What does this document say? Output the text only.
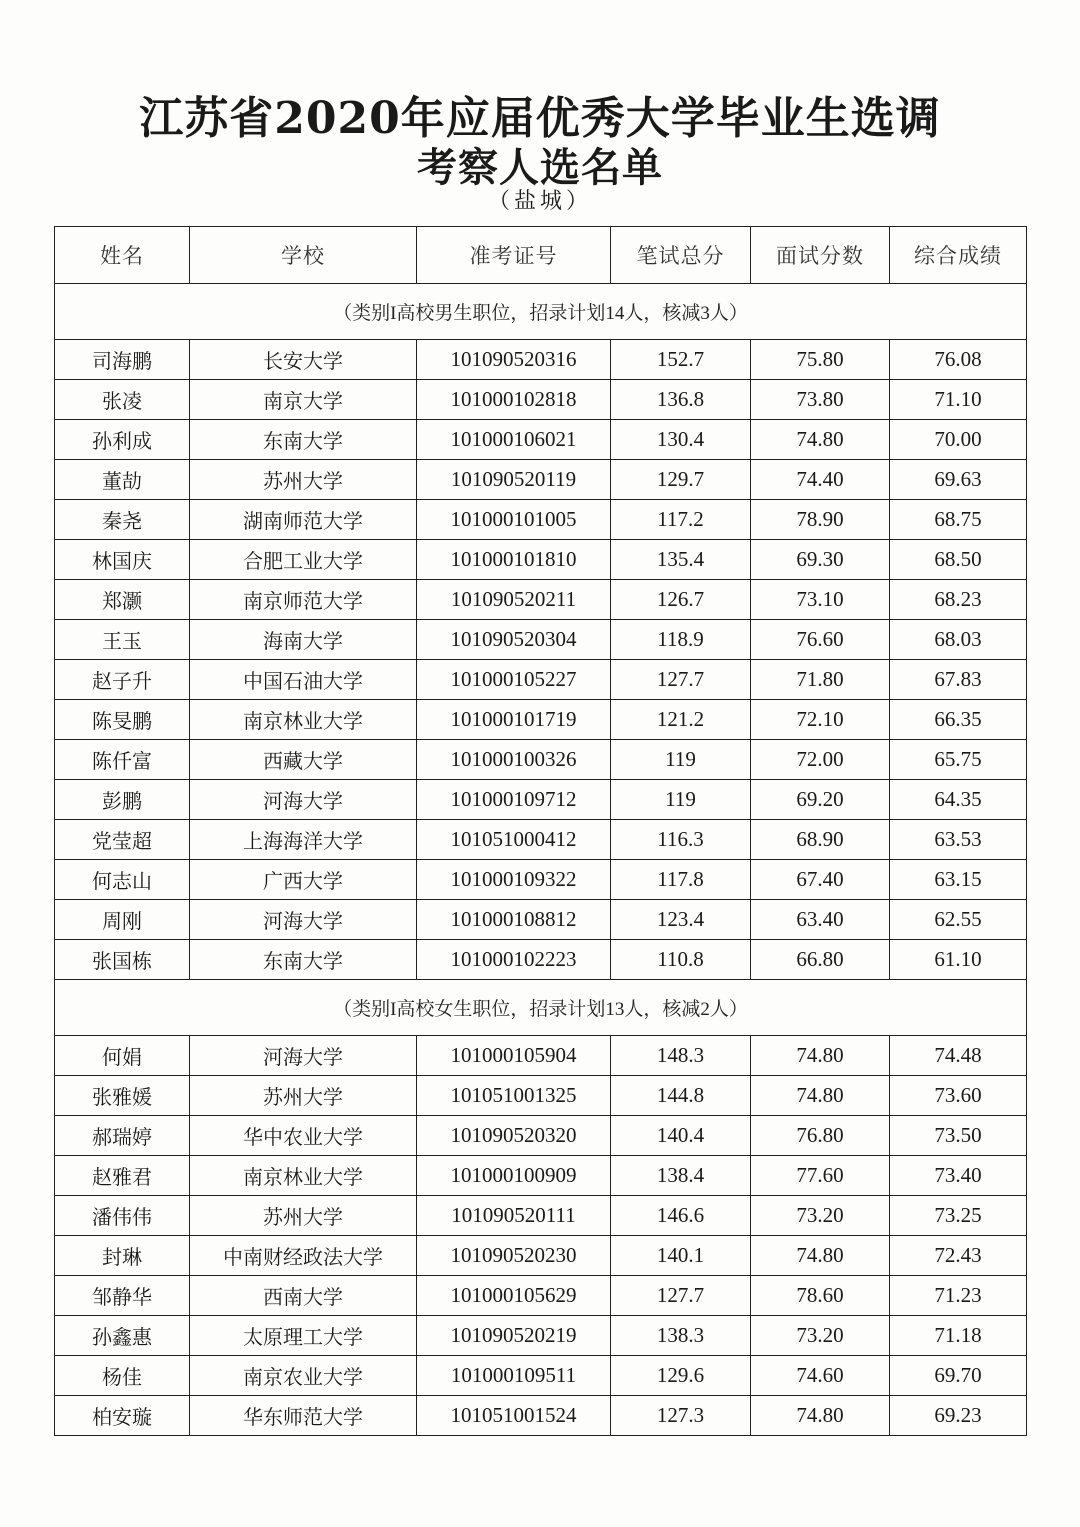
江苏省2020年应届优秀大学毕业生选调
考察人选名单
（盐城）
姓名	学校	准考证号	笔试总分	面试分数	综合成绩
（类别I高校男生职位，招录计划14人，核减3人）					
司海鹏	长安大学	101090520316	152.7	75.80	76.08
张凌	南京大学	101000102818	136.8	73.80	71.10
孙利成	东南大学	101000106021	130.4	74.80	70.00
董劼	苏州大学	101090520119	129.7	74.40	69.63
秦尧	湖南师范大学	101000101005	117.2	78.90	68.75
林国庆	合肥工业大学	101000101810	135.4	69.30	68.50
郑灏	南京师范大学	101090520211	126.7	73.10	68.23
王玉	海南大学	101090520304	118.9	76.60	68.03
赵子升	中国石油大学	101000105227	127.7	71.80	67.83
陈旻鹏	南京林业大学	101000101719	121.2	72.10	66.35
陈仟富	西藏大学	101000100326	119	72.00	65.75
彭鹏	河海大学	101000109712	119	69.20	64.35
党莹超	上海海洋大学	101051000412	116.3	68.90	63.53
何志山	广西大学	101000109322	117.8	67.40	63.15
周刚	河海大学	101000108812	123.4	63.40	62.55
张国栋	东南大学	101000102223	110.8	66.80	61.10
（类别I高校女生职位，招录计划13人，核减2人）					
何娟	河海大学	101000105904	148.3	74.80	74.48
张雅媛	苏州大学	101051001325	144.8	74.80	73.60
郝瑞婷	华中农业大学	101090520320	140.4	76.80	73.50
赵雅君	南京林业大学	101000100909	138.4	77.60	73.40
潘伟伟	苏州大学	101090520111	146.6	73.20	73.25
封琳	中南财经政法大学	101090520230	140.1	74.80	72.43
邹静华	西南大学	101000105629	127.7	78.60	71.23
孙鑫惠	太原理工大学	101090520219	138.3	73.20	71.18
杨佳	南京农业大学	101000109511	129.6	74.60	69.70
柏安璇	华东师范大学	101051001524	127.3	74.80	69.23
